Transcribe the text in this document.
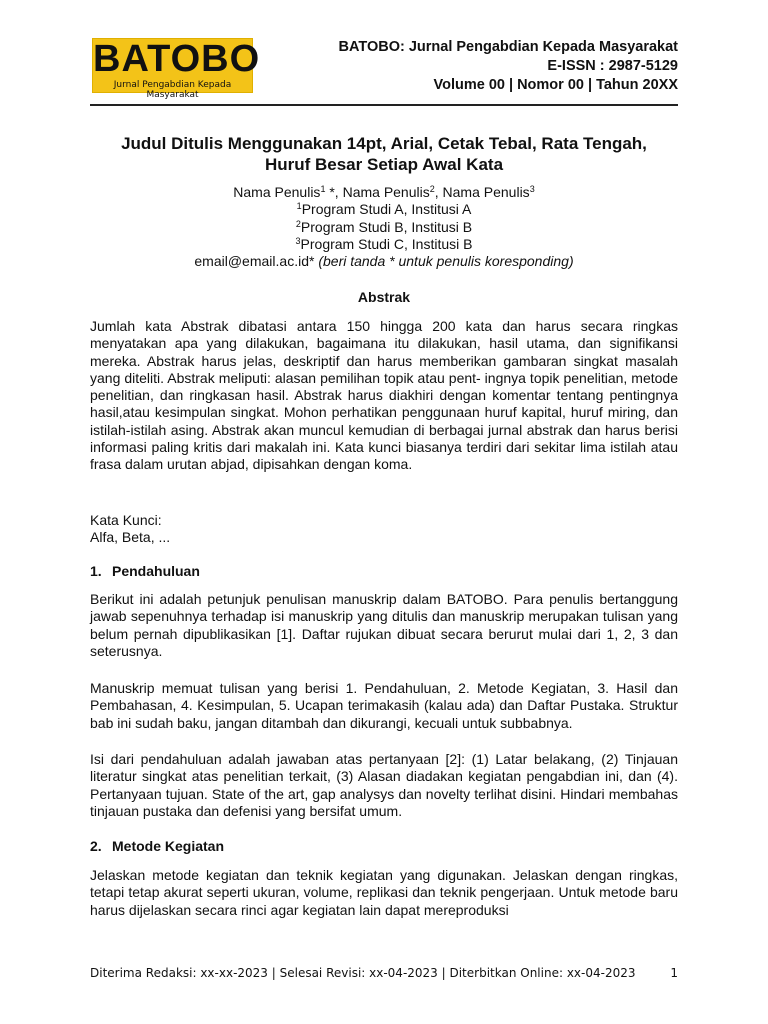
BATOBO
Jurnal Pengabdian Kepada Masyarakat
BATOBO: Jurnal Pengabdian Kepada Masyarakat
E-ISSN : 2987-5129
Volume 00 | Nomor 00 | Tahun 20XX
Judul Ditulis Menggunakan 14pt, Arial, Cetak Tebal, Rata Tengah,
Huruf Besar Setiap Awal Kata
Nama Penulis$^1$ *, Nama Penulis$^2$, Nama Penulis$^3$
$^1$Program Studi A, Institusi A
$^2$Program Studi B, Institusi B
$^3$Program Studi C, Institusi B
email@email.ac.id* (beri tanda * untuk penulis koresponding)
Abstrak
Jumlah kata Abstrak dibatasi antara 150 hingga 200 kata dan harus secara ringkas menyatakan apa yang dilakukan, bagaimana itu dilakukan, hasil utama, dan signifikansi mereka. Abstrak harus jelas, deskriptif dan harus memberikan gambaran singkat masalah yang diteliti. Abstrak meliputi: alasan pemilihan topik atau pent- ingnya topik penelitian, metode penelitian, dan ringkasan hasil. Abstrak harus diakhiri dengan komentar tentang pentingnya hasil,atau kesimpulan singkat. Mohon perhatikan penggunaan huruf kapital, huruf miring, dan istilah-istilah asing. Abstrak akan muncul kemudian di berbagai jurnal abstrak dan harus berisi informasi paling kritis dari makalah ini. Kata kunci biasanya terdiri dari sekitar lima istilah atau frasa dalam urutan abjad, dipisahkan dengan koma.
Kata Kunci:
Alfa, Beta, ...
1. Pendahuluan
Berikut ini adalah petunjuk penulisan manuskrip dalam BATOBO. Para penulis bertanggung jawab sepenuhnya terhadap isi manuskrip yang ditulis dan manuskrip merupakan tulisan yang belum pernah dipublikasikan [1]. Daftar rujukan dibuat secara berurut mulai dari 1, 2, 3 dan seterusnya.
Manuskrip memuat tulisan yang berisi 1. Pendahuluan, 2. Metode Kegiatan, 3. Hasil dan Pembahasan, 4. Kesimpulan, 5. Ucapan terimakasih (kalau ada) dan Daftar Pustaka. Struktur bab ini sudah baku, jangan ditambah dan dikurangi, kecuali untuk subbabnya.
Isi dari pendahuluan adalah jawaban atas pertanyaan [2]: (1) Latar belakang, (2) Tinjauan literatur singkat atas penelitian terkait, (3) Alasan diadakan kegiatan pengabdian ini, dan (4). Pertanyaan tujuan. State of the art, gap analysys dan novelty terlihat disini. Hindari membahas tinjauan pustaka dan defenisi yang bersifat umum.
2. Metode Kegiatan
Jelaskan metode kegiatan dan teknik kegiatan yang digunakan. Jelaskan dengan ringkas, tetapi tetap akurat seperti ukuran, volume, replikasi dan teknik pengerjaan. Untuk metode baru harus dijelaskan secara rinci agar kegiatan lain dapat mereproduksi
Diterima Redaksi: xx-xx-2023 | Selesai Revisi: xx-04-2023 | Diterbitkan Online: xx-04-2023	1
